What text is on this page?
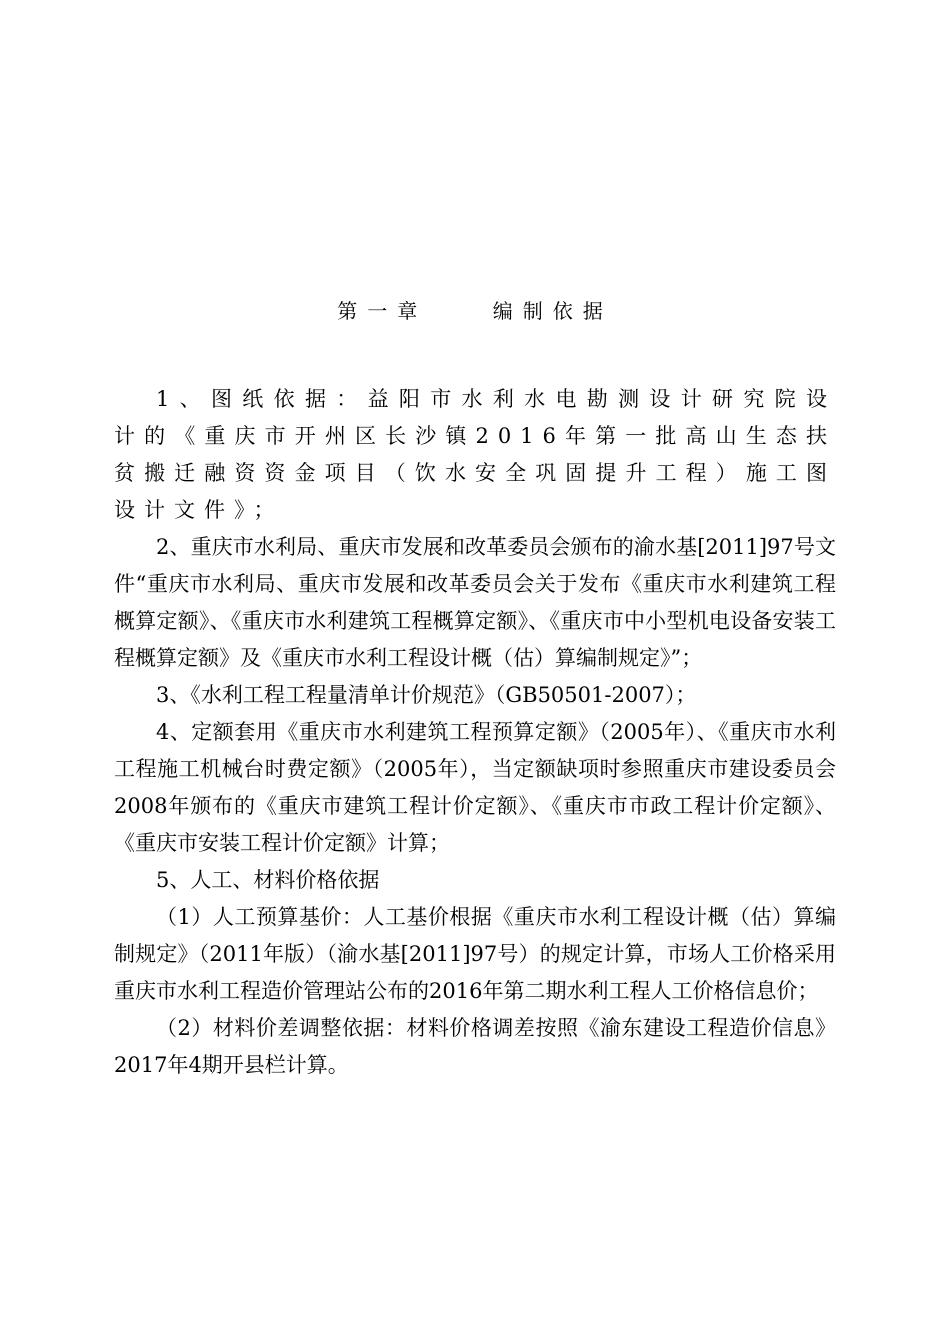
第一章    编制依据

1、图纸依据：益阳市水利水电勘测设计研究院设计的《重庆市开州区长沙镇2016年第一批高山生态扶贫搬迁融资资金项目（饮水安全巩固提升工程）施工图设计文件》；

2、重庆市水利局、重庆市发展和改革委员会颁布的渝水基[2011]97号文件“重庆市水利局、重庆市发展和改革委员会关于发布《重庆市水利建筑工程概算定额》、《重庆市水利建筑工程概算定额》、《重庆市中小型机电设备安装工程概算定额》及《重庆市水利工程设计概（估）算编制规定》”；

3、《水利工程工程量清单计价规范》（GB50501-2007）；

4、定额套用《重庆市水利建筑工程预算定额》（2005年）、《重庆市水利工程施工机械台时费定额》（2005年），当定额缺项时参照重庆市建设委员会2008年颁布的《重庆市建筑工程计价定额》、《重庆市市政工程计价定额》、《重庆市安装工程计价定额》计算；

5、人工、材料价格依据

（1）人工预算基价：人工基价根据《重庆市水利工程设计概（估）算编制规定》（2011年版）（渝水基[2011]97号）的规定计算，市场人工价格采用重庆市水利工程造价管理站公布的2016年第二期水利工程人工价格信息价；

（2）材料价差调整依据：材料价格调差按照《渝东建设工程造价信息》2017年4期开县栏计算。
